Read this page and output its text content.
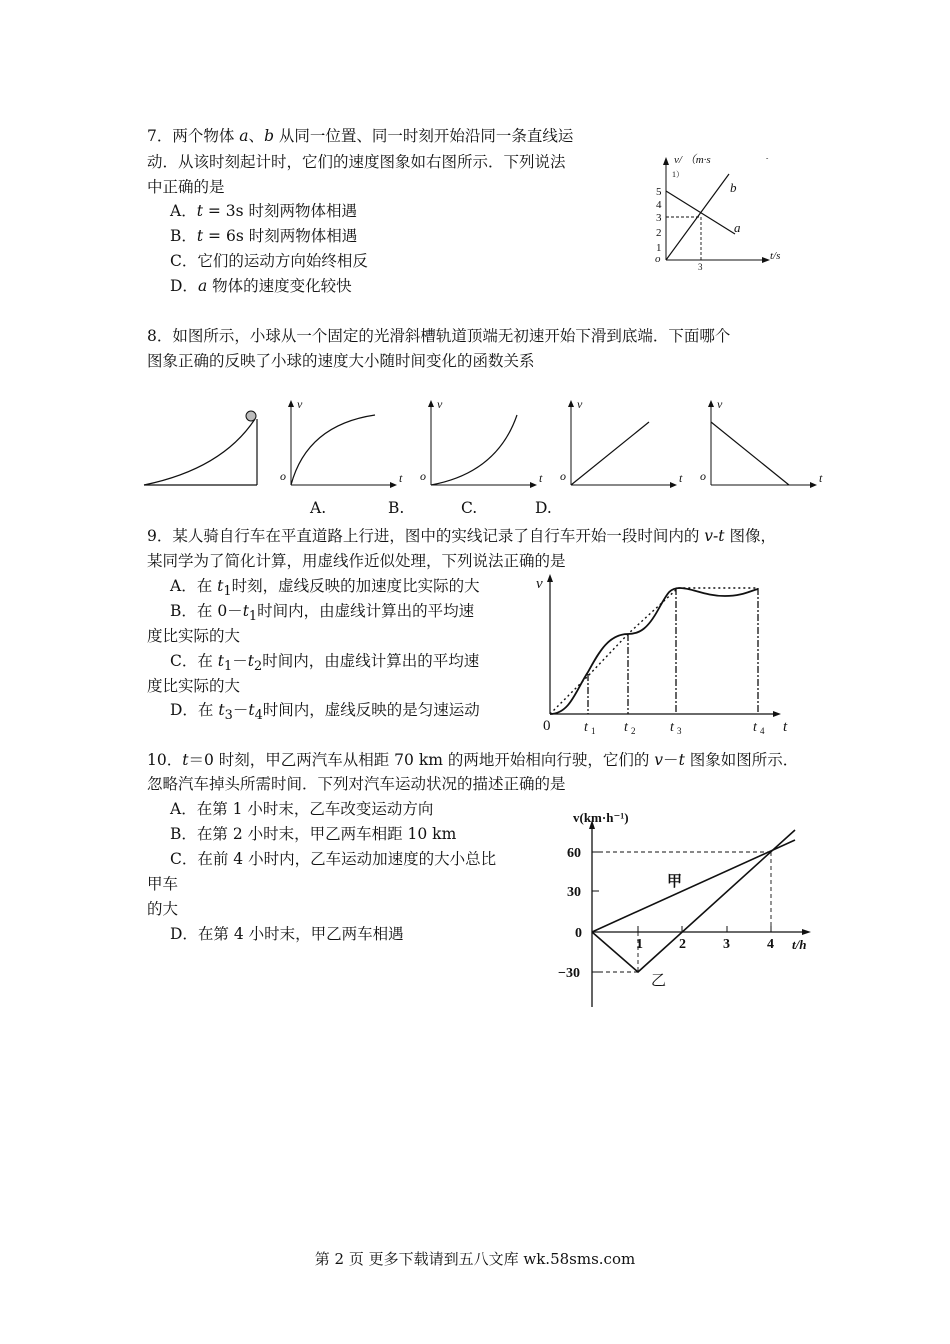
7．两个物体 a、b 从同一位置、同一时刻开始沿同一条直线运
动．从该时刻起计时，它们的速度图象如右图所示．下列说法
中正确的是
A．t = 3s 时刻两物体相遇
B．t = 6s 时刻两物体相遇
C．它们的运动方向始终相反
D．a 物体的速度变化较快
v/ （m·s	-
1）
5
4
3
2
1
o
3
t/s
b
a
8．如图所示，小球从一个固定的光滑斜槽轨道顶端无初速开始下滑到底端．下面哪个
图象正确的反映了小球的速度大小随时间变化的函数关系
v
o	t
v
o	t
v
o	t
v
o	t
A.	B.	C.	D.
9．某人骑自行车在平直道路上行进，图中的实线记录了自行车开始一段时间内的 v-t 图像，
某同学为了简化计算，用虚线作近似处理，下列说法正确的是
A．在 $t_1$时刻，虚线反映的加速度比实际的大
B．在 $0-t_1$时间内，由虚线计算出的平均速
度比实际的大
C．在 $t_1-t_2$时间内，由虚线计算出的平均速
度比实际的大
D．在 $t_3-t_4$时间内，虚线反映的是匀速运动
v
0 t 1 t 2 t 3	t 4 t
10．t＝0 时刻，甲乙两汽车从相距 70 km 的两地开始相向行驶，它们的 v－t 图象如图所示．
忽略汽车掉头所需时间．下列对汽车运动状况的描述正确的是
A．在第 1 小时末，乙车改变运动方向
B．在第 2 小时末，甲乙两车相距 10 km
C．在前 4 小时内，乙车运动加速度的大小总比
甲车
的大
D．在第 4 小时末，甲乙两车相遇
v(km·h⁻¹)
60
30
0
−30
1	2	3	4 t/h
甲
乙
第 2 页 更多下载请到五八文库 wk.58sms.com
